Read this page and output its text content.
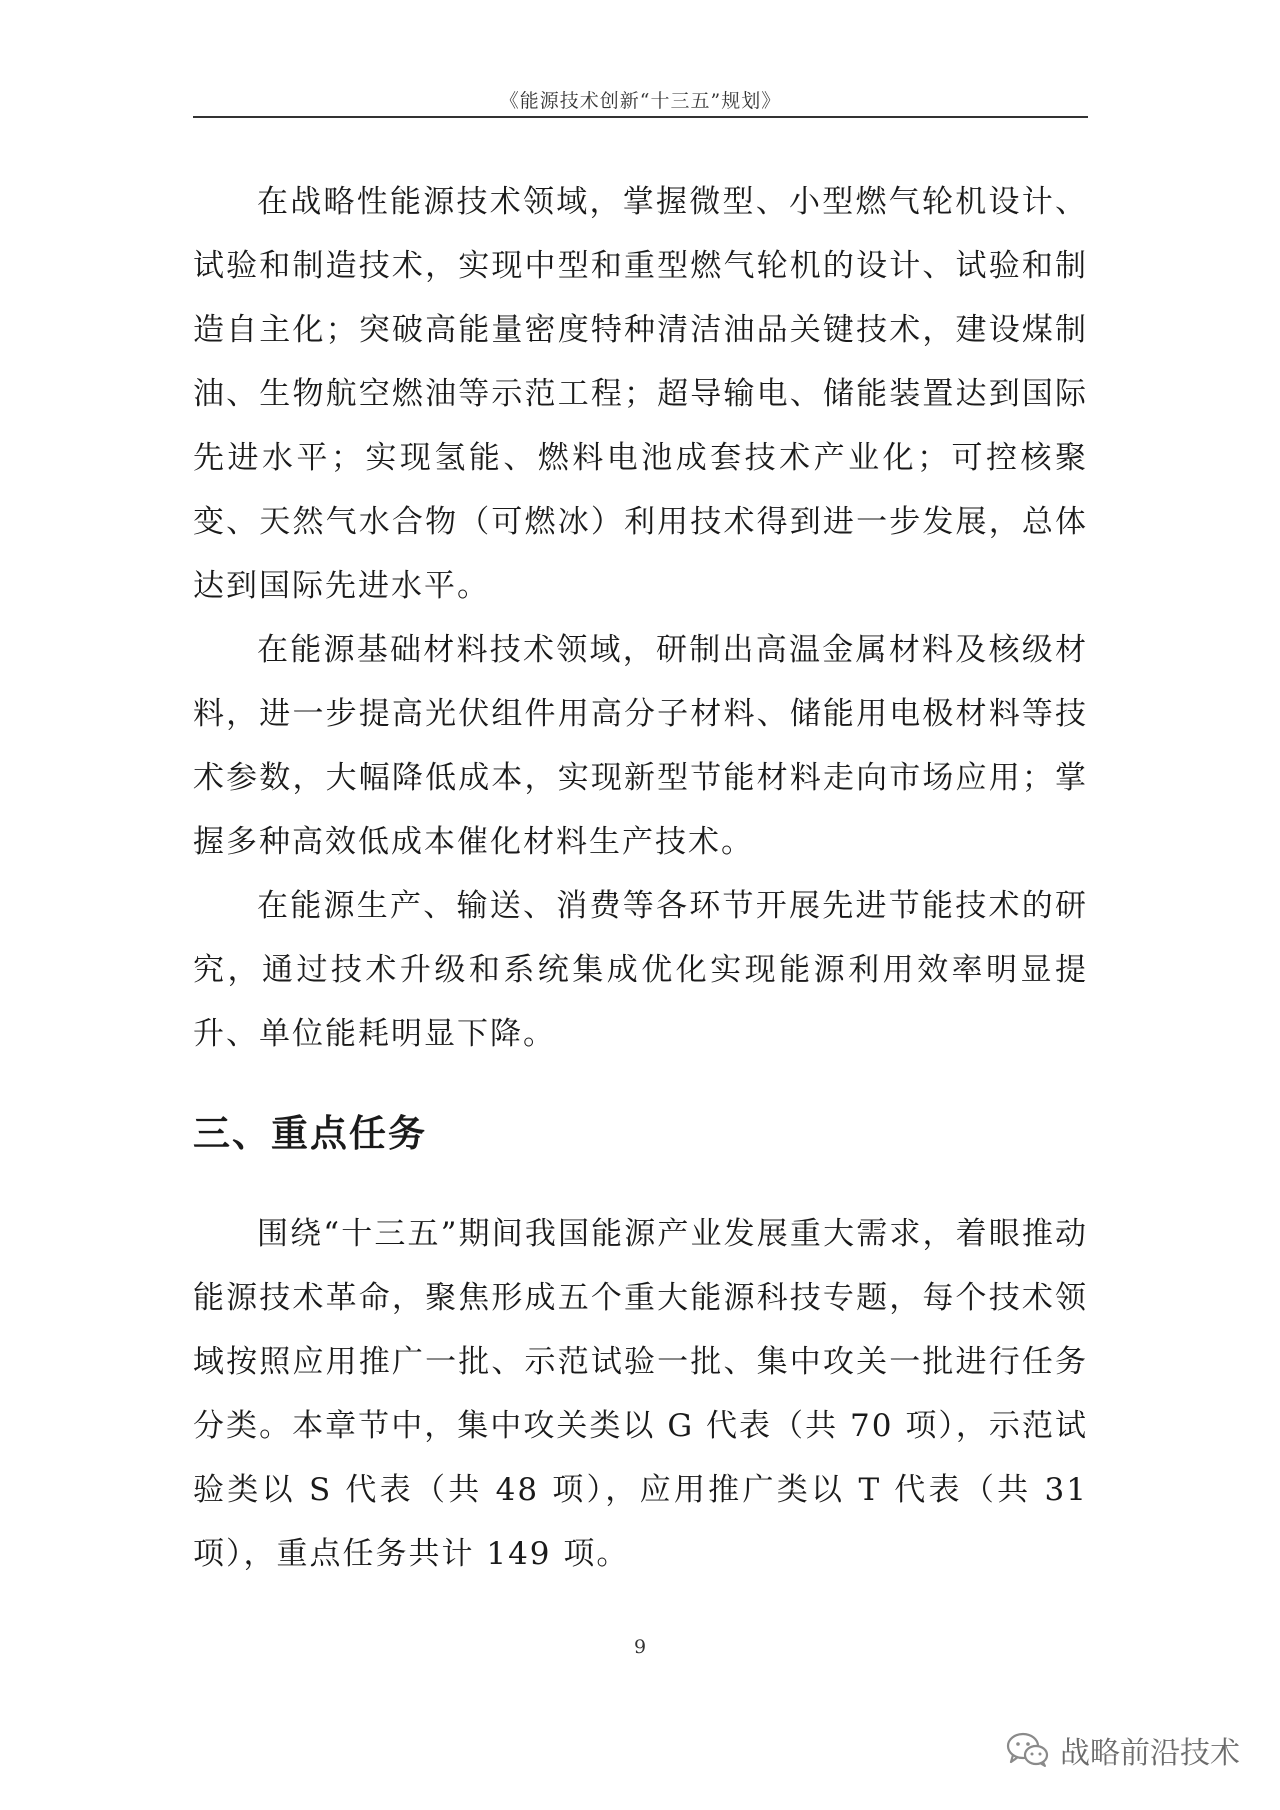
《能源技术创新“十三五”规划》

在战略性能源技术领域，掌握微型、小型燃气轮机设计、试验和制造技术，实现中型和重型燃气轮机的设计、试验和制造自主化；突破高能量密度特种清洁油品关键技术，建设煤制油、生物航空燃油等示范工程；超导输电、储能装置达到国际先进水平；实现氢能、燃料电池成套技术产业化；可控核聚变、天然气水合物（可燃冰）利用技术得到进一步发展，总体达到国际先进水平。

在能源基础材料技术领域，研制出高温金属材料及核级材料，进一步提高光伏组件用高分子材料、储能用电极材料等技术参数，大幅降低成本，实现新型节能材料走向市场应用；掌握多种高效低成本催化材料生产技术。

在能源生产、输送、消费等各环节开展先进节能技术的研究，通过技术升级和系统集成优化实现能源利用效率明显提升、单位能耗明显下降。

三、重点任务

围绕“十三五”期间我国能源产业发展重大需求，着眼推动能源技术革命，聚焦形成五个重大能源科技专题，每个技术领域按照应用推广一批、示范试验一批、集中攻关一批进行任务分类。本章节中，集中攻关类以 G 代表（共 70 项），示范试验类以 S 代表（共 48 项），应用推广类以 T 代表（共 31 项），重点任务共计 149 项。

9
战略前沿技术
